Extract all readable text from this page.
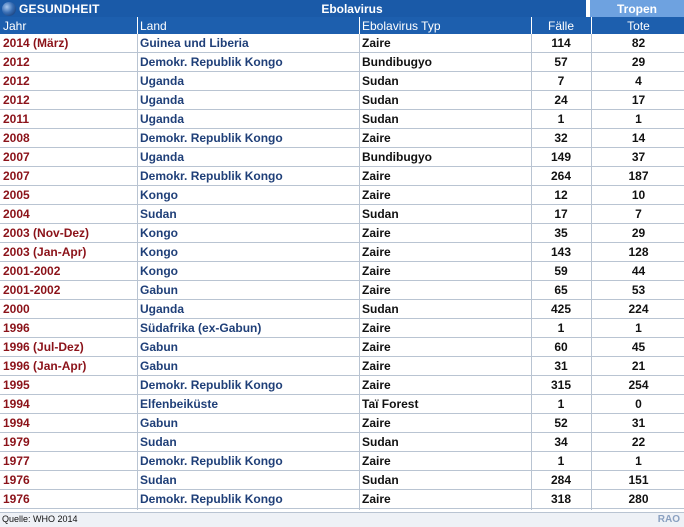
GESUNDHEIT	Ebolavirus	Tropen
Jahr	Land	Ebolavirus Typ	Fälle	Tote
2014 (März)	Guinea und Liberia	Zaire	114	82
2012	Demokr. Republik Kongo	Bundibugyo	57	29
2012	Uganda	Sudan	7	4
2012	Uganda	Sudan	24	17
2011	Uganda	Sudan	1	1
2008	Demokr. Republik Kongo	Zaire	32	14
2007	Uganda	Bundibugyo	149	37
2007	Demokr. Republik Kongo	Zaire	264	187
2005	Kongo	Zaire	12	10
2004	Sudan	Sudan	17	7
2003 (Nov-Dez)	Kongo	Zaire	35	29
2003 (Jan-Apr)	Kongo	Zaire	143	128
2001-2002	Kongo	Zaire	59	44
2001-2002	Gabun	Zaire	65	53
2000	Uganda	Sudan	425	224
1996	Südafrika (ex-Gabun)	Zaire	1	1
1996 (Jul-Dez)	Gabun	Zaire	60	45
1996 (Jan-Apr)	Gabun	Zaire	31	21
1995	Demokr. Republik Kongo	Zaire	315	254
1994	Elfenbeiküste	Taï Forest	1	0
1994	Gabun	Zaire	52	31
1979	Sudan	Sudan	34	22
1977	Demokr. Republik Kongo	Zaire	1	1
1976	Sudan	Sudan	284	151
1976	Demokr. Republik Kongo	Zaire	318	280
Quelle: WHO 2014	RAO
